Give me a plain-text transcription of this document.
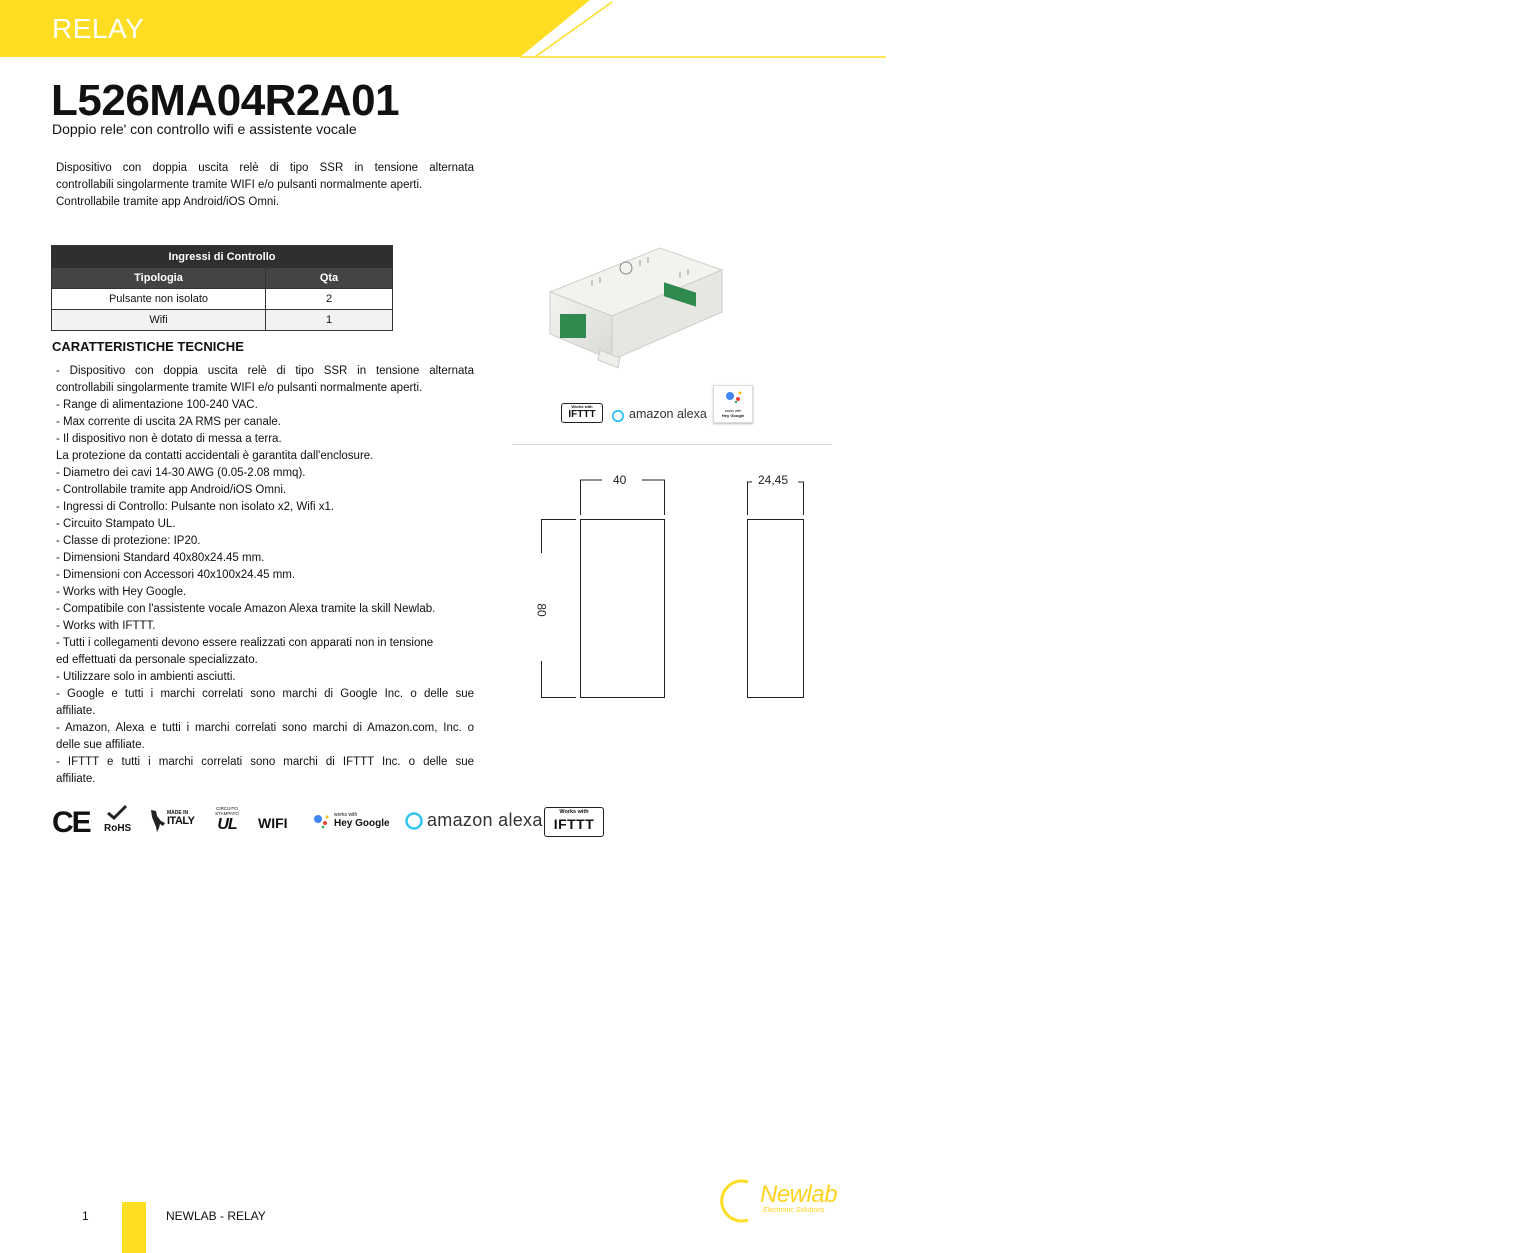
RELAY
L526MA04R2A01
Doppio rele' con controllo wifi e assistente vocale

Dispositivo con doppia uscita relè di tipo SSR in tensione alternata

controllabili singolarmente tramite WIFI e/o pulsanti normalmente aperti.

Controllabile tramite app Android/iOS Omni.

Ingressi di Controllo	
Tipologia	Qta
Pulsante non isolato	2
Wifi	1
CARATTERISTICHE TECNICHE
- Dispositivo con doppia uscita relè di tipo SSR in tensione alternata
controllabili singolarmente tramite WIFI e/o pulsanti normalmente aperti.
- Range di alimentazione 100-240 VAC.
- Max corrente di uscita 2A RMS per canale.
- Il dispositivo non è dotato di messa a terra.
La protezione da contatti accidentali è garantita dall'enclosure.
- Diametro dei cavi 14-30 AWG (0.05-2.08 mmq).
- Controllabile tramite app Android/iOS Omni.
- Ingressi di Controllo: Pulsante non isolato x2, Wifi x1.
- Circuito Stampato UL.
- Classe di protezione: IP20.
- Dimensioni Standard 40x80x24.45 mm.
- Dimensioni con Accessori 40x100x24.45 mm.
- Works with Hey Google.
- Compatibile con l'assistente vocale Amazon Alexa tramite la skill Newlab.
- Works with IFTTT.
- Tutti i collegamenti devono essere realizzati con apparati non in tensione
ed effettuati da personale specializzato.
- Utilizzare solo in ambienti asciutti.
- Google e tutti i marchi correlati sono marchi di Google Inc. o delle sue
affiliate.
- Amazon, Alexa e tutti i marchi correlati sono marchi di Amazon.com, Inc. o
delle sue affiliate.
- IFTTT e tutti i marchi correlati sono marchi di IFTTT Inc. o delle sue
affiliate.
Works with
IFTTT	amazon alexa	works with
Hey Google
40
80
24,45
CE RoHS
MADE IN
ITALY
CIRCUITO
STAMPATO
UL	WIFI	works with
Hey Google amazon alexa	Works with
IFTTT
1	NEWLAB - RELAY
Newlab
Electronic Solutions
